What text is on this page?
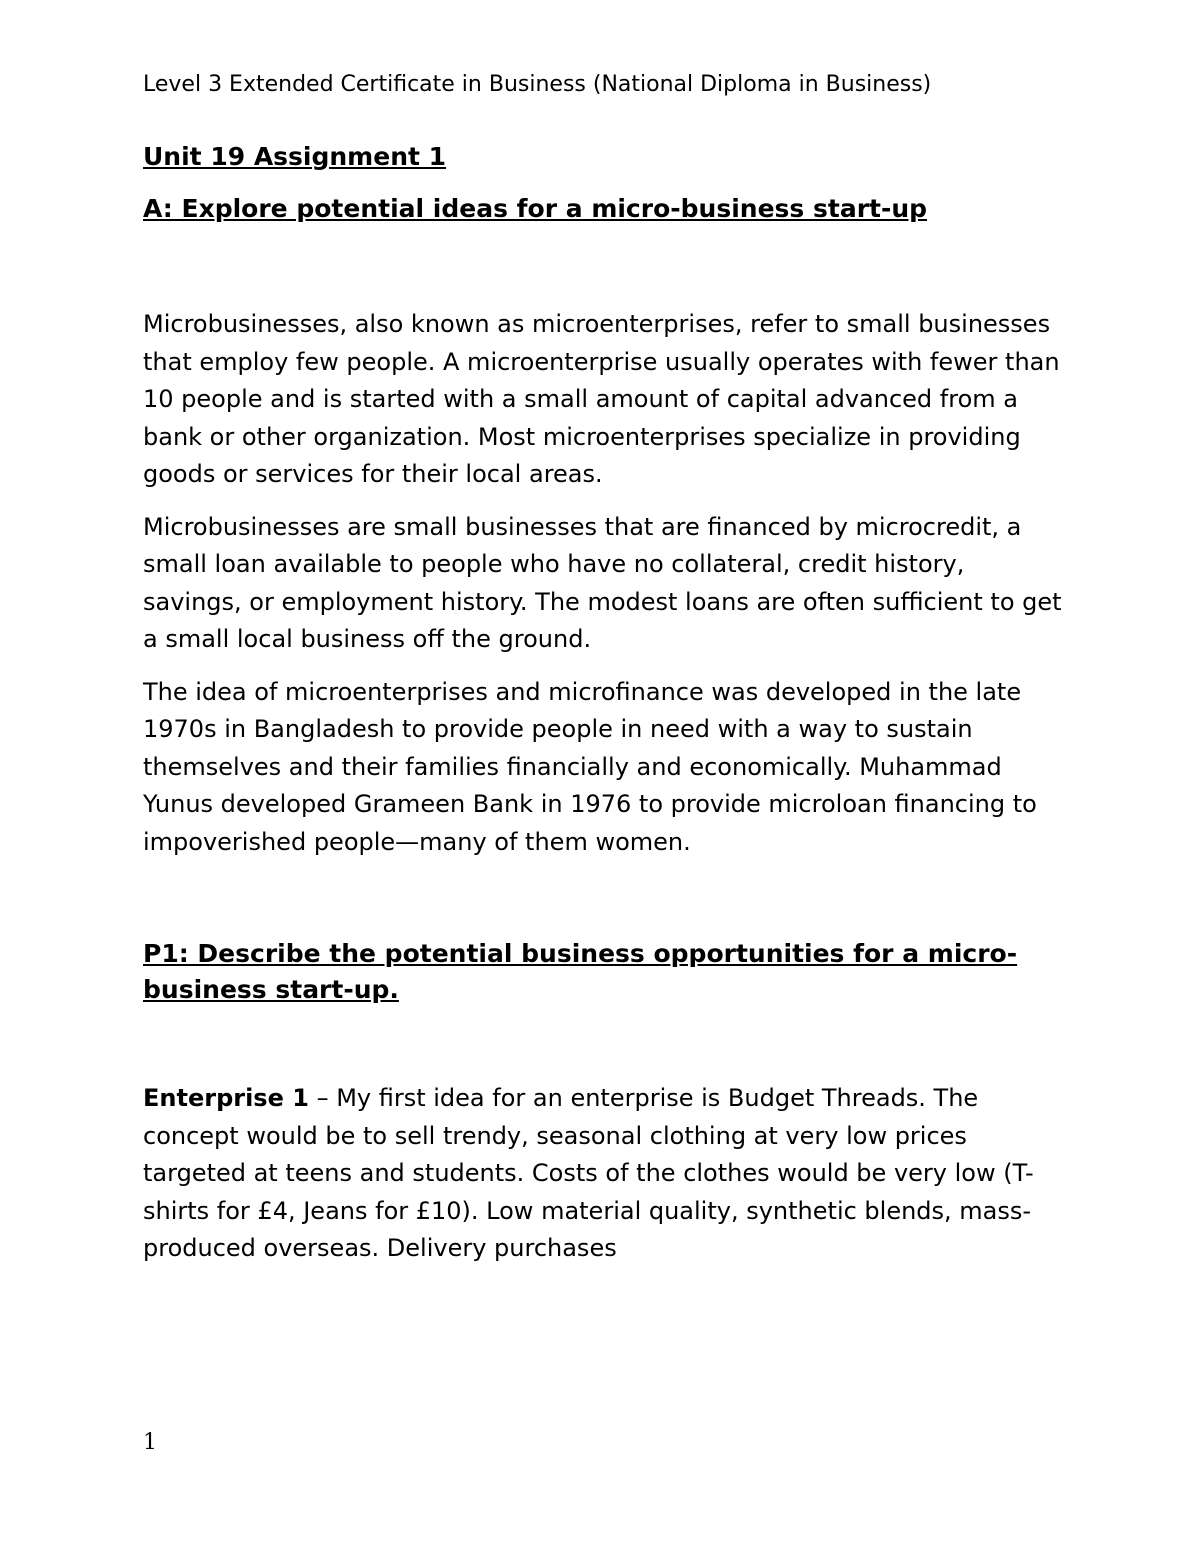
Level 3 Extended Certificate in Business (National Diploma in Business)
Unit 19 Assignment 1
A: Explore potential ideas for a micro-business start-up

Microbusinesses, also known as microenterprises, refer to small businesses that employ few people. A microenterprise usually operates with fewer than 10 people and is started with a small amount of capital advanced from a bank or other organization. Most microenterprises specialize in providing goods or services for their local areas.

Microbusinesses are small businesses that are financed by microcredit, a small loan available to people who have no collateral, credit history, savings, or employment history. The modest loans are often sufficient to get a small local business off the ground.

The idea of microenterprises and microfinance was developed in the late 1970s in Bangladesh to provide people in need with a way to sustain themselves and their families financially and economically. Muhammad Yunus developed Grameen Bank in 1976 to provide microloan financing to impoverished people—many of them women.

P1: Describe the potential business opportunities for a micro-business start-up.

Enterprise 1 – My first idea for an enterprise is Budget Threads. The concept would be to sell trendy, seasonal clothing at very low prices targeted at teens and students. Costs of the clothes would be very low (T-shirts for £4, Jeans for £10). Low material quality, synthetic blends, mass-produced overseas. Delivery purchases

1
